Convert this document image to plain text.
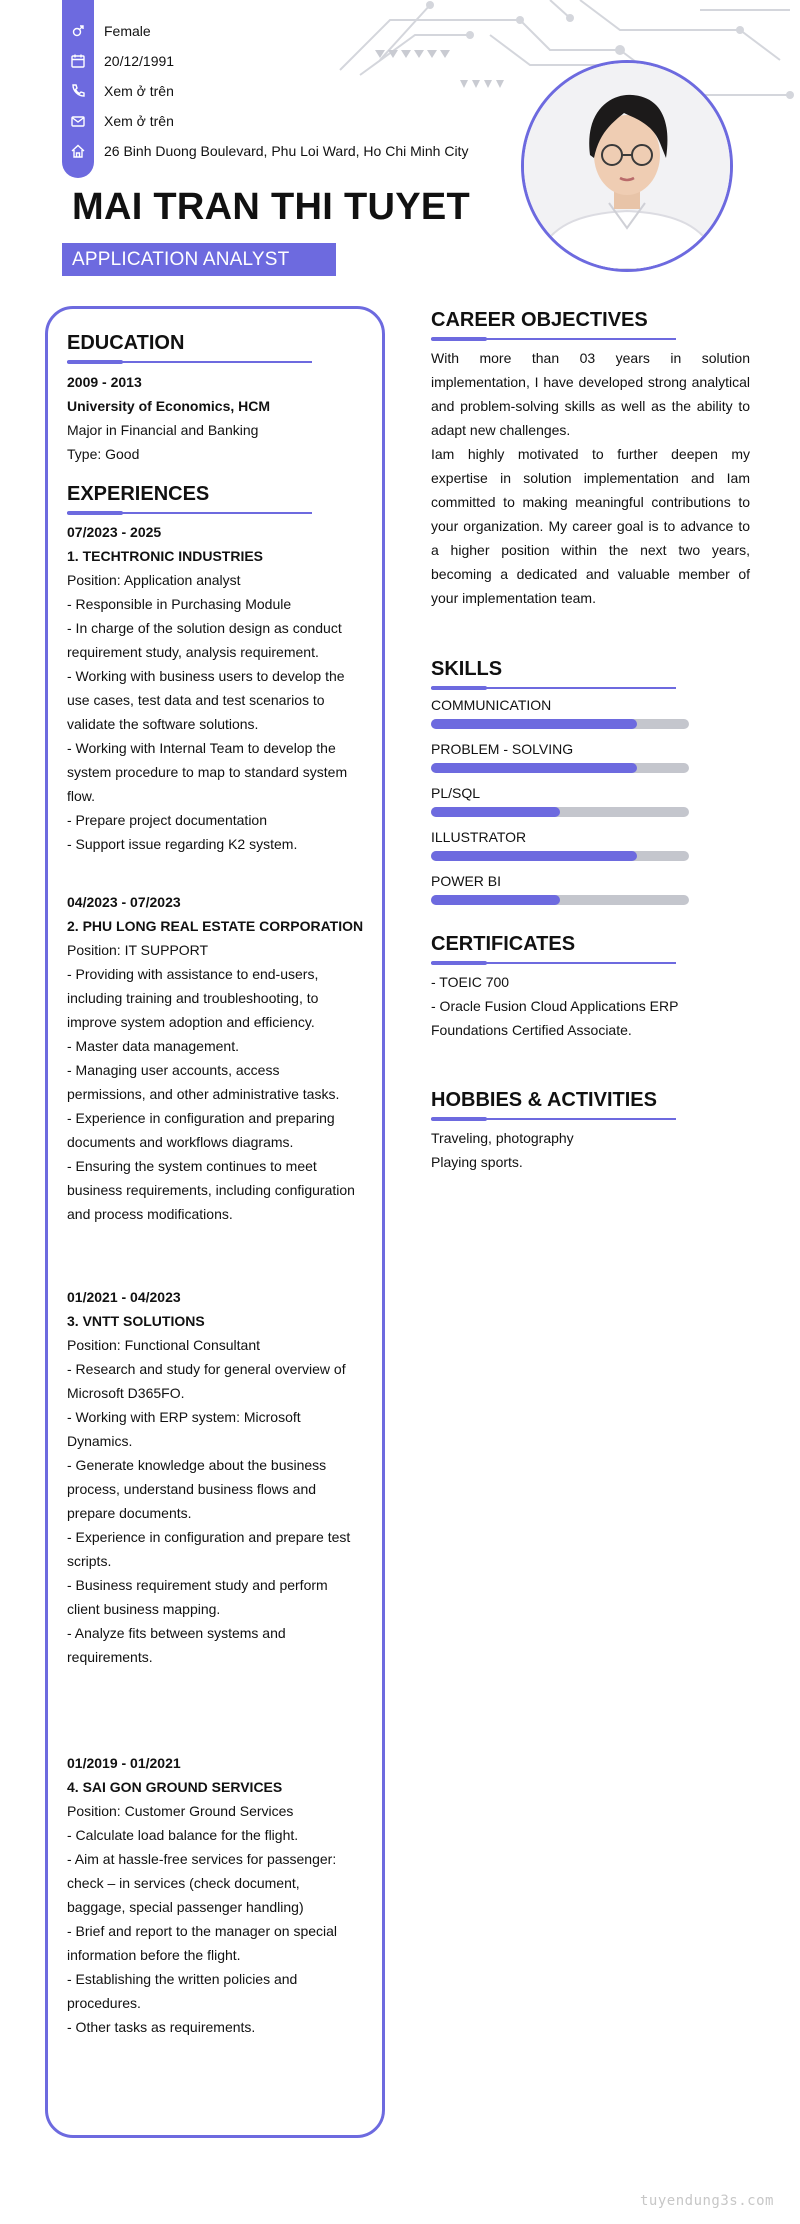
Female
20/12/1991
Xem ở trên
Xem ở trên
26 Binh Duong Boulevard, Phu Loi Ward, Ho Chi Minh City
MAI TRAN THI TUYET
APPLICATION ANALYST
EDUCATION
2009 - 2013
University of Economics, HCM
Major in Financial and Banking
Type: Good
EXPERIENCES
07/2023 - 2025
1. TECHTRONIC INDUSTRIES
Position: Application analyst
- Responsible in Purchasing Module
- In charge of the solution design as conduct
requirement study, analysis requirement.
- Working with business users to develop the
use cases, test data and test scenarios to
validate the software solutions.
- Working with Internal Team to develop the
system procedure to map to standard system
flow.
- Prepare project documentation
- Support issue regarding K2 system.
04/2023 - 07/2023
2. PHU LONG REAL ESTATE CORPORATION
Position: IT SUPPORT
- Providing with assistance to end-users,
including training and troubleshooting, to
improve system adoption and efficiency.
- Master data management.
- Managing user accounts, access
permissions, and other administrative tasks.
- Experience in configuration and preparing
documents and workflows diagrams.
- Ensuring the system continues to meet
business requirements, including configuration
and process modifications.
01/2021 - 04/2023
3. VNTT SOLUTIONS
Position: Functional Consultant
- Research and study for general overview of
Microsoft D365FO.
- Working with ERP system: Microsoft
Dynamics.
- Generate knowledge about the business
process, understand business flows and
prepare documents.
- Experience in configuration and prepare test
scripts.
- Business requirement study and perform
client business mapping.
- Analyze fits between systems and
requirements.
01/2019 - 01/2021
4. SAI GON GROUND SERVICES
Position: Customer Ground Services
- Calculate load balance for the flight.
- Aim at hassle-free services for passenger:
check – in services (check document,
baggage, special passenger handling)
- Brief and report to the manager on special
information before the flight.
- Establishing the written policies and
procedures.
- Other tasks as requirements.
CAREER OBJECTIVES
With more than 03 years in solution implementation, I have developed strong analytical and problem-solving skills as well as the ability to adapt new challenges.
Iam highly motivated to further deepen my expertise in solution implementation and Iam committed to making meaningful contributions to your organization. My career goal is to advance to a higher position within the next two years, becoming a dedicated and valuable member of your implementation team.
SKILLS
COMMUNICATION
PROBLEM - SOLVING
PL/SQL
ILLUSTRATOR
POWER BI
CERTIFICATES
- TOEIC 700
- Oracle Fusion Cloud Applications ERP
Foundations Certified Associate.
HOBBIES & ACTIVITIES
Traveling, photography
Playing sports.
tuyendung3s.com
